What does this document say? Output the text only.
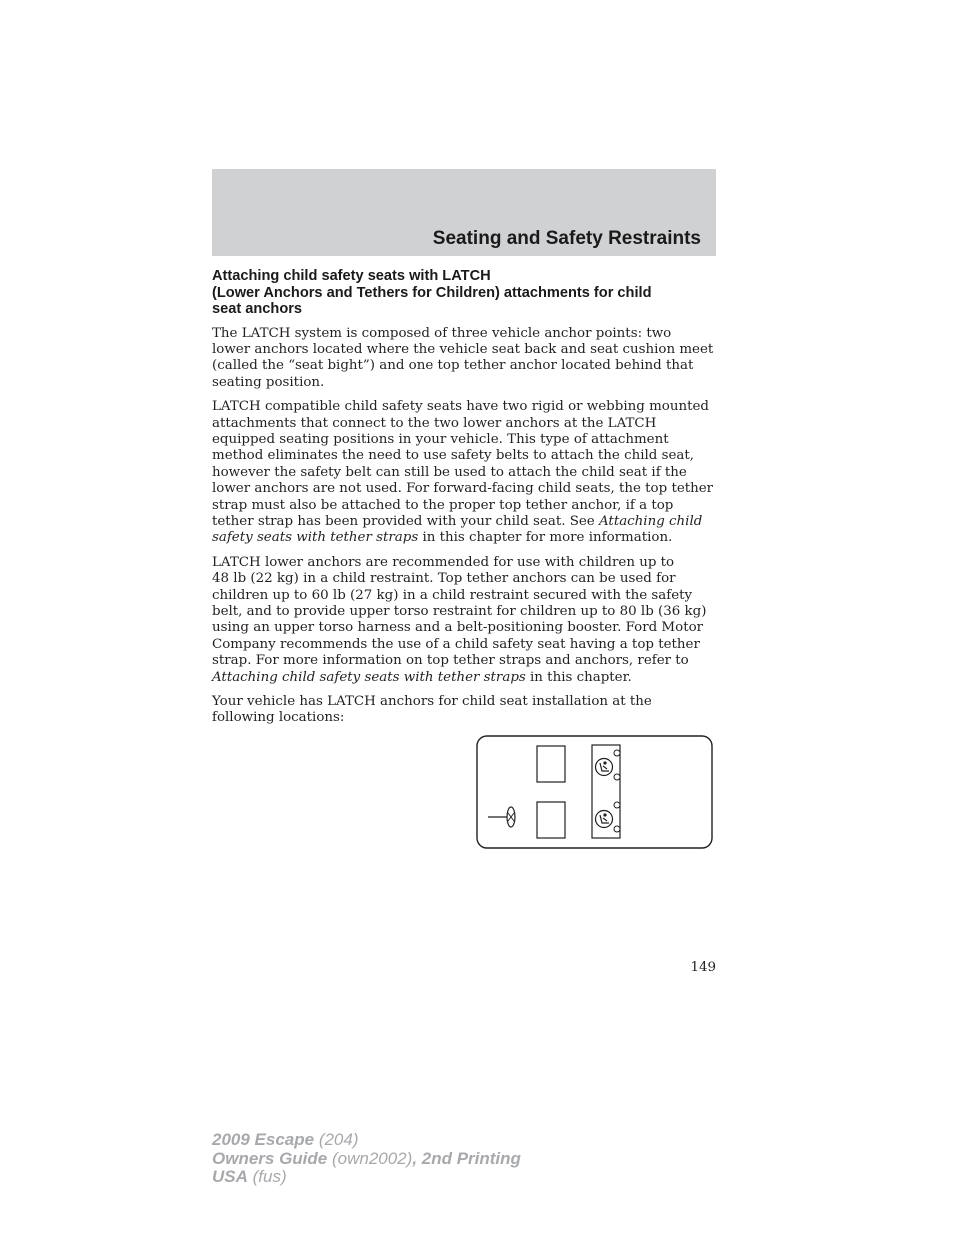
Seating and Safety Restraints
Attaching child safety seats with LATCH
(Lower Anchors and Tethers for Children) attachments for child
seat anchors

The LATCH system is composed of three vehicle anchor points: two
lower anchors located where the vehicle seat back and seat cushion meet
(called the “seat bight”) and one top tether anchor located behind that
seating position.

LATCH compatible child safety seats have two rigid or webbing mounted
attachments that connect to the two lower anchors at the LATCH
equipped seating positions in your vehicle. This type of attachment
method eliminates the need to use safety belts to attach the child seat,
however the safety belt can still be used to attach the child seat if the
lower anchors are not used. For forward-facing child seats, the top tether
strap must also be attached to the proper top tether anchor, if a top
tether strap has been provided with your child seat. See Attaching child
safety seats with tether straps in this chapter for more information.

LATCH lower anchors are recommended for use with children up to
48 lb (22 kg) in a child restraint. Top tether anchors can be used for
children up to 60 lb (27 kg) in a child restraint secured with the safety
belt, and to provide upper torso restraint for children up to 80 lb (36 kg)
using an upper torso harness and a belt-positioning booster. Ford Motor
Company recommends the use of a child safety seat having a top tether
strap. For more information on top tether straps and anchors, refer to
Attaching child safety seats with tether straps in this chapter.

Your vehicle has LATCH anchors for child seat installation at the
following locations:

149
2009 Escape (204)
Owners Guide (own2002), 2nd Printing
USA (fus)
